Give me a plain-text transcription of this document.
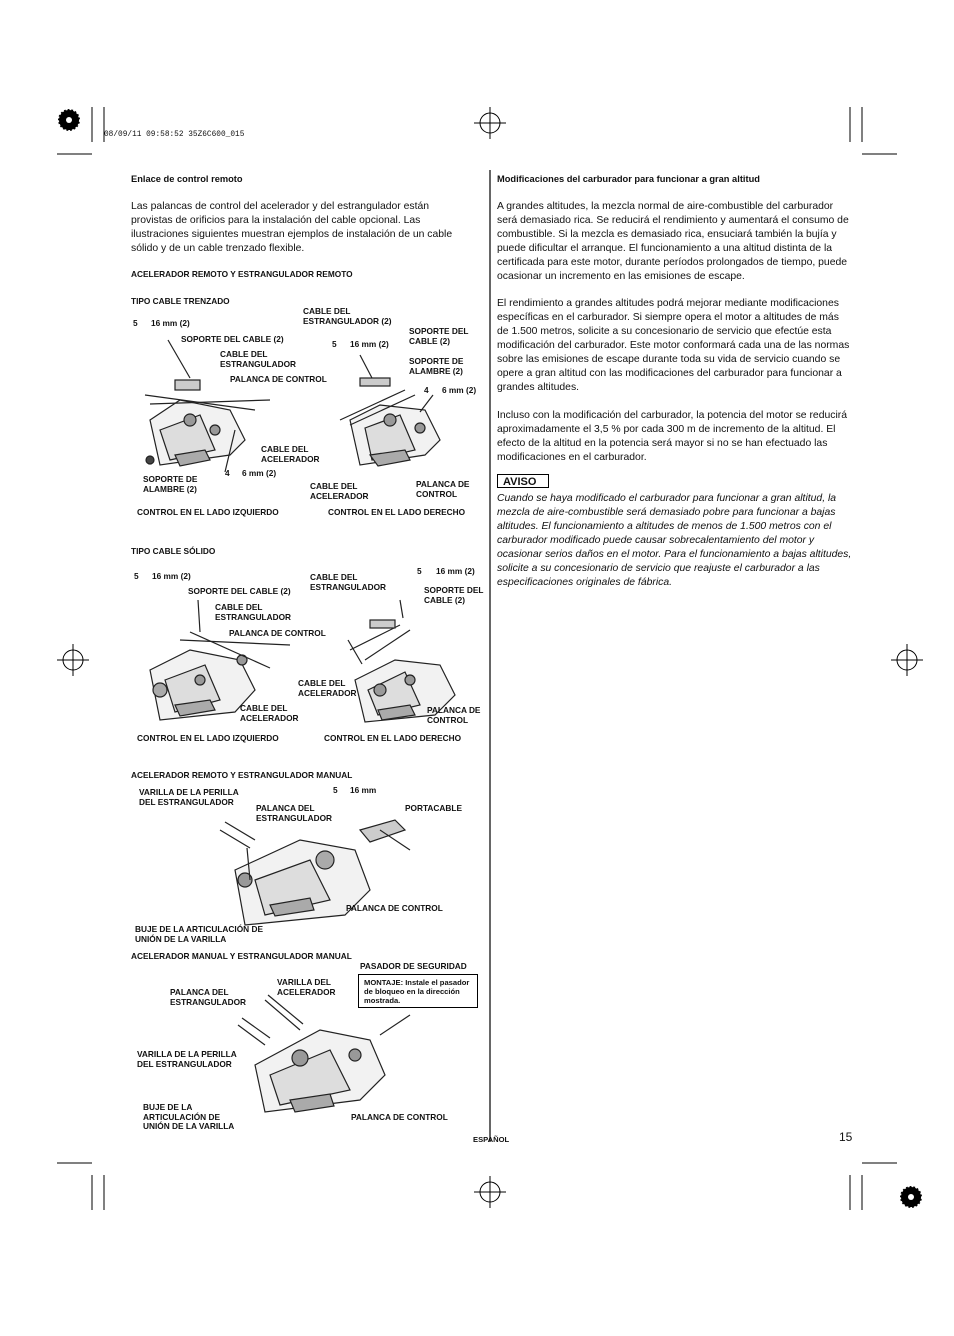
08/09/11 09:58:52 35Z6C600_015
Enlace de control remoto
Las palancas de control del acelerador y del estrangulador están provistas de orificios para la instalación del cable opcional. Las ilustraciones siguientes muestran ejemplos de instalación de un cable sólido y de un cable trenzado flexible.
ACELERADOR REMOTO Y ESTRANGULADOR REMOTO
TIPO CABLE TRENZADO
5 16 mm (2)
SOPORTE DEL CABLE (2)
CABLE DEL
ESTRANGULADOR
PALANCA DE CONTROL
CABLE DEL
ACELERADOR
SOPORTE DE
ALAMBRE (2)
4 6 mm (2)
CABLE DEL
ESTRANGULADOR (2)
5 16 mm (2)
SOPORTE DEL
CABLE (2)
SOPORTE DE
ALAMBRE (2)
4 6 mm (2)
CABLE DEL
ACELERADOR
PALANCA DE
CONTROL
CONTROL EN EL LADO IZQUIERDO	CONTROL EN EL LADO DERECHO
TIPO CABLE SÓLIDO
5 16 mm (2)
SOPORTE DEL CABLE (2)
CABLE DEL
ESTRANGULADOR
PALANCA DE CONTROL
CABLE DEL
ACELERADOR
CABLE DEL
ESTRANGULADOR
5 16 mm (2)
SOPORTE DEL
CABLE (2)
CABLE DEL
ACELERADOR
PALANCA DE
CONTROL
CONTROL EN EL LADO IZQUIERDO	CONTROL EN EL LADO DERECHO
ACELERADOR REMOTO Y ESTRANGULADOR MANUAL
VARILLA DE LA PERILLA
DEL ESTRANGULADOR
PALANCA DEL
ESTRANGULADOR
5 16 mm
PORTACABLE
PALANCA DE CONTROL
BUJE DE LA ARTICULACIÓN DE
UNIÓN DE LA VARILLA
ACELERADOR MANUAL Y ESTRANGULADOR MANUAL
PASADOR DE SEGURIDAD
MONTAJE: Instale el pasador de bloqueo en la dirección mostrada.
VARILLA DEL
ACELERADOR
PALANCA DEL
ESTRANGULADOR
VARILLA DE LA PERILLA
DEL ESTRANGULADOR
BUJE DE LA
ARTICULACIÓN DE
UNIÓN DE LA VARILLA
PALANCA DE CONTROL
Modificaciones del carburador para funcionar a gran altitud
A grandes altitudes, la mezcla normal de aire-combustible del carburador será demasiado rica. Se reducirá el rendimiento y aumentará el consumo de combustible. Si la mezcla es demasiado rica, ensuciará también la bujía y puede dificultar el arranque. El funcionamiento a una altitud distinta de la certificada para este motor, durante períodos prolongados de tiempo, puede ocasionar un incremento en las emisiones de escape.
El rendimiento a grandes altitudes podrá mejorar mediante modificaciones específicas en el carburador. Si siempre opera el motor a altitudes de más de 1.500 metros, solicite a su concesionario de servicio que efectúe esta modificación del carburador. Este motor conformará cada una de las normas sobre las emisiones de escape durante toda su vida de servicio cuando se opere a gran altitud con las modificaciones del carburador para funcionar a grandes altitudes.
Incluso con la modificación del carburador, la potencia del motor se reducirá aproximadamente el 3,5 % por cada 300 m de incremento de la altitud. El efecto de la altitud en la potencia será mayor si no se han efectuado las modificaciones en el carburador.
AVISO
Cuando se haya modificado el carburador para funcionar a gran altitud, la mezcla de aire-combustible será demasiado pobre para funcionar a bajas altitudes. El funcionamiento a altitudes de menos de 1.500 metros con el carburador modificado puede causar sobrecalentamiento del motor y ocasionar serios daños en el motor. Para el funcionamiento a bajas altitudes, solicite a su concesionario de servicio que reajuste el carburador a las especificaciones originales de fábrica.
ESPAÑOL	15
